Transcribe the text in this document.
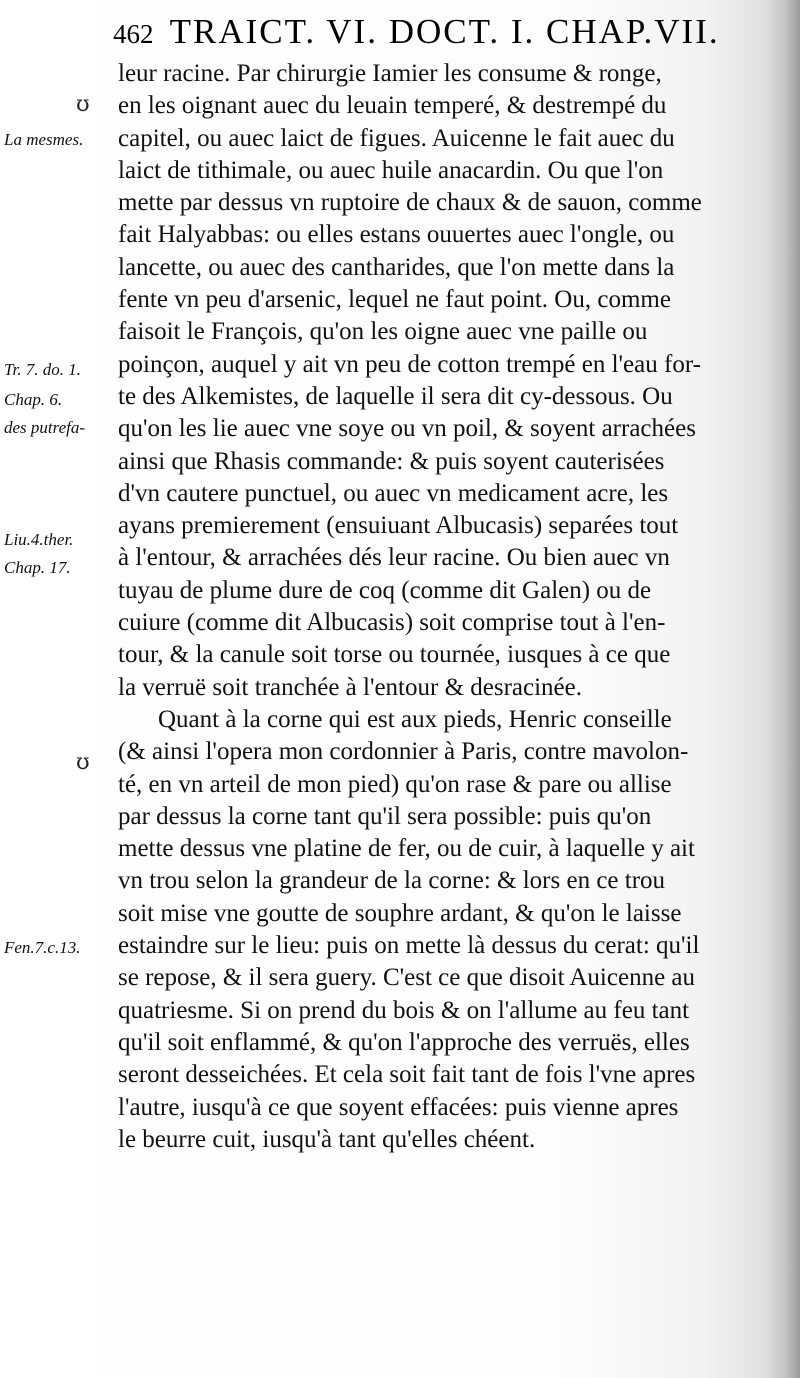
462 TRAICT. VI. DOCT. I. CHAP.VII.
ʊ
La mesmes.
Tr. 7. do. 1.
Chap. 6.
des putrefa-
Liu.4.ther.
Chap. 17.
ʊ
Fen.7.c.13.
leur racine. Par chirurgie Iamier les consume & ronge,
en les oignant auec du leuain temperé, & destrempé du
capitel, ou auec laict de figues. Auicenne le fait auec du
laict de tithimale, ou auec huile anacardin. Ou que l'on
mette par dessus vn ruptoire de chaux & de sauon, comme
fait Halyabbas: ou elles estans ouuertes auec l'ongle, ou
lancette, ou auec des cantharides, que l'on mette dans la
fente vn peu d'arsenic, lequel ne faut point. Ou, comme
faisoit le François, qu'on les oigne auec vne paille ou
poinçon, auquel y ait vn peu de cotton trempé en l'eau for-
te des Alkemistes, de laquelle il sera dit cy-dessous. Ou
qu'on les lie auec vne soye ou vn poil, & soyent arrachées
ainsi que Rhasis commande: & puis soyent cauterisées
d'vn cautere punctuel, ou auec vn medicament acre, les
ayans premierement (ensuiuant Albucasis) separées tout
à l'entour, & arrachées dés leur racine. Ou bien auec vn
tuyau de plume dure de coq (comme dit Galen) ou de
cuiure (comme dit Albucasis) soit comprise tout à l'en-
tour, & la canule soit torse ou tournée, iusques à ce que
la verruë soit tranchée à l'entour & desracinée.
Quant à la corne qui est aux pieds, Henric conseille
(& ainsi l'opera mon cordonnier à Paris, contre mavolon-
té, en vn arteil de mon pied) qu'on rase & pare ou allise
par dessus la corne tant qu'il sera possible: puis qu'on
mette dessus vne platine de fer, ou de cuir, à laquelle y ait
vn trou selon la grandeur de la corne: & lors en ce trou
soit mise vne goutte de souphre ardant, & qu'on le laisse
estaindre sur le lieu: puis on mette là dessus du cerat: qu'il
se repose, & il sera guery. C'est ce que disoit Auicenne au
quatriesme. Si on prend du bois & on l'allume au feu tant
qu'il soit enflammé, & qu'on l'approche des verruës, elles
seront desseichées. Et cela soit fait tant de fois l'vne apres
l'autre, iusqu'à ce que soyent effacées: puis vienne apres
le beurre cuit, iusqu'à tant qu'elles chéent.
